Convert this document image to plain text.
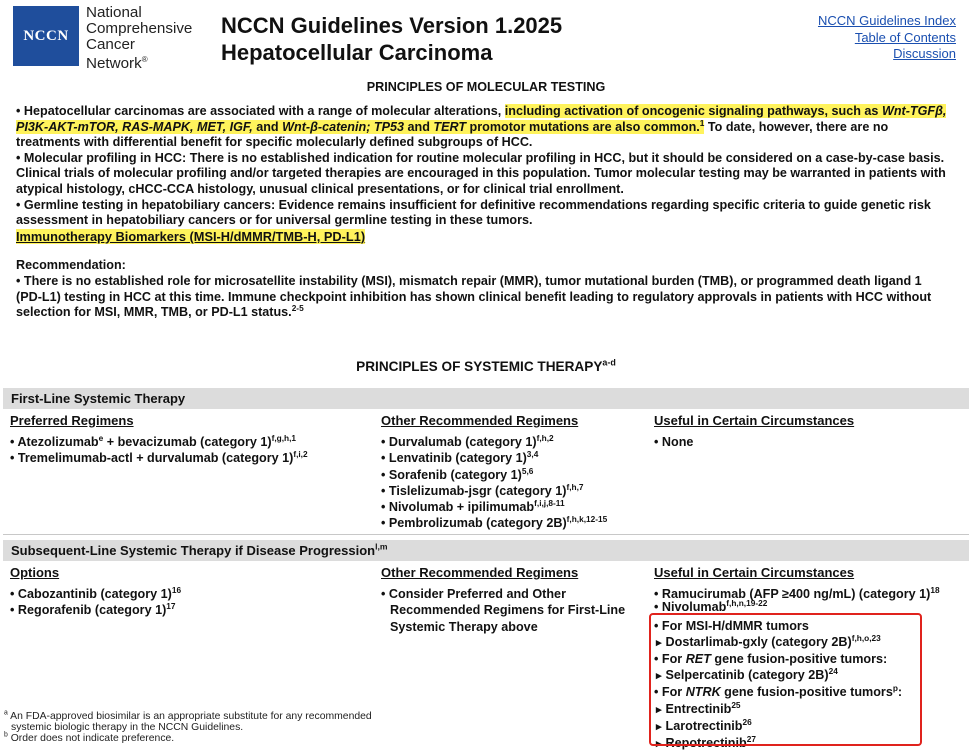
NCCN
National
Comprehensive
Cancer
Network®
NCCN Guidelines Version 1.2025
Hepatocellular Carcinoma
NCCN Guidelines Index
Table of Contents
Discussion
PRINCIPLES OF MOLECULAR TESTING

• Hepatocellular carcinomas are associated with a range of molecular alterations, including activation of oncogenic signaling pathways, such as Wnt-TGFβ, PI3K-AKT-mTOR, RAS-MAPK, MET, IGF, and Wnt-β-catenin; TP53 and TERT promotor mutations are also common.$^1$ To date, however, there are no treatments with differential benefit for specific molecularly defined subgroups of HCC.

• Molecular profiling in HCC: There is no established indication for routine molecular profiling in HCC, but it should be considered on a case-by-case basis. Clinical trials of molecular profiling and/or targeted therapies are encouraged in this population. Tumor molecular testing may be warranted in patients with atypical histology, cHCC-CCA histology, unusual clinical presentations, or for clinical trial enrollment.

• Germline testing in hepatobiliary cancers: Evidence remains insufficient for definitive recommendations regarding specific criteria to guide genetic risk assessment in hepatobiliary cancers or for universal germline testing in these tumors.

Immunotherapy Biomarkers (MSI-H/dMMR/TMB-H, PD-L1)

Recommendation:

• There is no established role for microsatellite instability (MSI), mismatch repair (MMR), tumor mutational burden (TMB), or programmed death ligand 1 (PD-L1) testing in HCC at this time. Immune checkpoint inhibition has shown clinical benefit leading to regulatory approvals in patients with HCC without selection for MSI, MMR, TMB, or PD-L1 status.$^{2-5}$

PRINCIPLES OF SYSTEMIC THERAPY$^{a-d}$
First-Line Systemic Therapy
Preferred Regimens
• Atezolizumab$^e$ + bevacizumab (category 1)$^{f,g,h,1}$
• Tremelimumab-actl + durvalumab (category 1)$^{f,i,2}$
Other Recommended Regimens
• Durvalumab (category 1)$^{f,h,2}$
• Lenvatinib (category 1)$^{3,4}$
• Sorafenib (category 1)$^{5,6}$
• Tislelizumab-jsgr (category 1)$^{f,h,7}$
• Nivolumab + ipilimumab$^{f,i,j,8-11}$
• Pembrolizumab (category 2B)$^{f,h,k,12-15}$
Useful in Certain Circumstances
• None
Subsequent-Line Systemic Therapy if Disease Progression$^{l,m}$
Options
• Cabozantinib (category 1)$^{16}$
• Regorafenib (category 1)$^{17}$
Other Recommended Regimens
• Consider Preferred and Other Recommended Regimens for First-Line Systemic Therapy above
Useful in Certain Circumstances
• Ramucirumab (AFP ≥400 ng/mL) (category 1)$^{18}$
• Nivolumab$^{f,h,n,19-22}$
• For MSI-H/dMMR tumors
▸ Dostarlimab-gxly (category 2B)$^{f,h,o,23}$
• For RET gene fusion-positive tumors:
▸ Selpercatinib (category 2B)$^{24}$
• For NTRK gene fusion-positive tumors$^p$:
▸ Entrectinib$^{25}$
▸ Larotrectinib$^{26}$
▸ Repotrectinib$^{27}$
$^a$ An FDA-approved biosimilar is an appropriate substitute for any recommended
systemic biologic therapy in the NCCN Guidelines.
$^b$ Order does not indicate preference.
